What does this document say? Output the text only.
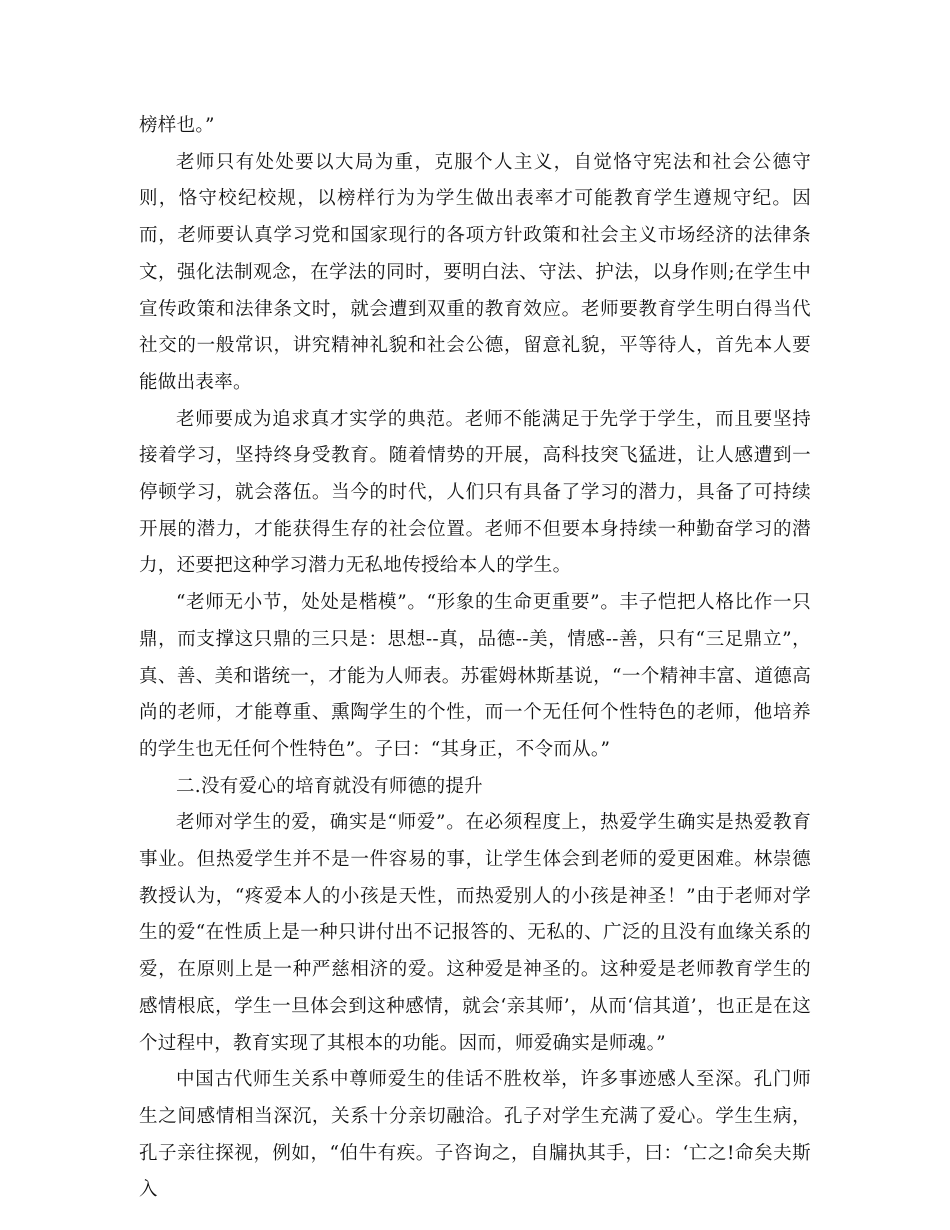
榜样也。”

老师只有处处要以大局为重，克服个人主义，自觉恪守宪法和社会公德守则，恪守校纪校规，以榜样行为为学生做出表率才可能教育学生遵规守纪。因而，老师要认真学习党和国家现行的各项方针政策和社会主义市场经济的法律条文，强化法制观念，在学法的同时，要明白法、守法、护法，以身作则;在学生中宣传政策和法律条文时，就会遭到双重的教育效应。老师要教育学生明白得当代社交的一般常识，讲究精神礼貌和社会公德，留意礼貌，平等待人，首先本人要能做出表率。

老师要成为追求真才实学的典范。老师不能满足于先学于学生，而且要坚持接着学习，坚持终身受教育。随着情势的开展，高科技突飞猛进，让人感遭到一停顿学习，就会落伍。当今的时代，人们只有具备了学习的潜力，具备了可持续开展的潜力，才能获得生存的社会位置。老师不但要本身持续一种勤奋学习的潜力，还要把这种学习潜力无私地传授给本人的学生。

“老师无小节，处处是楷模”。“形象的生命更重要”。丰子恺把人格比作一只鼎，而支撑这只鼎的三只是：思想--真，品德--美，情感--善，只有“三足鼎立”，真、善、美和谐统一，才能为人师表。苏霍姆林斯基说，“一个精神丰富、道德高尚的老师，才能尊重、熏陶学生的个性，而一个无任何个性特色的老师，他培养的学生也无任何个性特色”。子曰：“其身正，不令而从。”

二.没有爱心的培育就没有师德的提升

老师对学生的爱，确实是“师爱”。在必须程度上，热爱学生确实是热爱教育事业。但热爱学生并不是一件容易的事，让学生体会到老师的爱更困难。林崇德教授认为，“疼爱本人的小孩是天性，而热爱别人的小孩是神圣！”由于老师对学生的爱“在性质上是一种只讲付出不记报答的、无私的、广泛的且没有血缘关系的爱，在原则上是一种严慈相济的爱。这种爱是神圣的。这种爱是老师教育学生的感情根底，学生一旦体会到这种感情，就会‘亲其师’，从而‘信其道’，也正是在这个过程中，教育实现了其根本的功能。因而，师爱确实是师魂。”

中国古代师生关系中尊师爱生的佳话不胜枚举，许多事迹感人至深。孔门师生之间感情相当深沉，关系十分亲切融洽。孔子对学生充满了爱心。学生生病，孔子亲往探视，例如，“伯牛有疾。子咨询之，自牖执其手，曰：‘亡之!命矣夫斯入
